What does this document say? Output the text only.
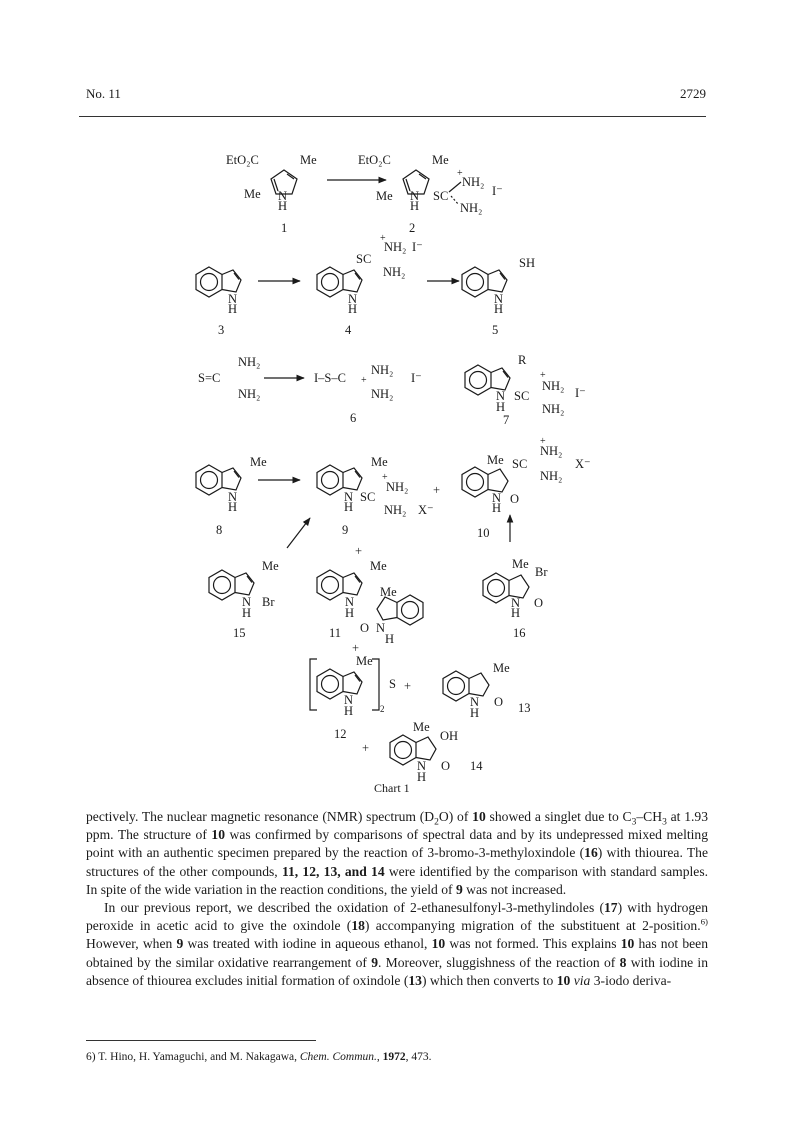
No. 11	2729
EtO₂C	Me
Me N
H
1
EtO₂C	Me
Me N
H
SC
+
NH₂
NH₂
I⁻
2
N
H
3
N
H
SC
+
NH₂ I⁻
NH₂
4
N
H
SH
5
S=C
NH₂
NH₂
I–S–C
NH₂
+
NH₂
I⁻
6
R
N
H
SC
+
NH₂
NH₂
I⁻
7
Me
N
H
8
Me
N
H
SC
+
NH₂
NH₂ X⁻
9
+
Me SC
+
NH₂
NH₂
X⁻
N
H
O
10
+
Me
N
H
Br
15
Me
Me
N
H
O N
H
11
+
Me
Br
N
H
O
16
Me
N
H	2
S
12
+
Me
N
H
O 13
+
Me
OH
N
H
O 14
Chart 1

pectively. The nuclear magnetic resonance (NMR) spectrum $(D_2O)$ of 10 showed a singlet due to $C_3-CH_3$ at 1.93 ppm. The structure of 10 was confirmed by comparisons of spectral data and by its undepressed mixed melting point with an authentic specimen prepared by the reaction of 3-bromo-3-methyloxindole (16) with thiourea. The structures of the other compounds, 11, 12, 13, and 14 were identified by the comparison with standard samples. In spite of the wide variation in the reaction conditions, the yield of 9 was not increased.

In our previous report, we described the oxidation of 2-ethanesulfonyl-3-methylindoles (17) with hydrogen peroxide in acetic acid to give the oxindole (18) accompanying migration of the substituent at 2-position.$^{6)}$ However, when 9 was treated with iodine in aqueous ethanol, 10 was not formed. This explains 10 has not been obtained by the similar oxidative rearrangement of 9. Moreover, sluggishness of the reaction of 8 with iodine in absence of thiourea excludes initial formation of oxindole (13) which then converts to 10 via 3-iodo deriva-

6) T. Hino, H. Yamaguchi, and M. Nakagawa, Chem. Commun., 1972, 473.
